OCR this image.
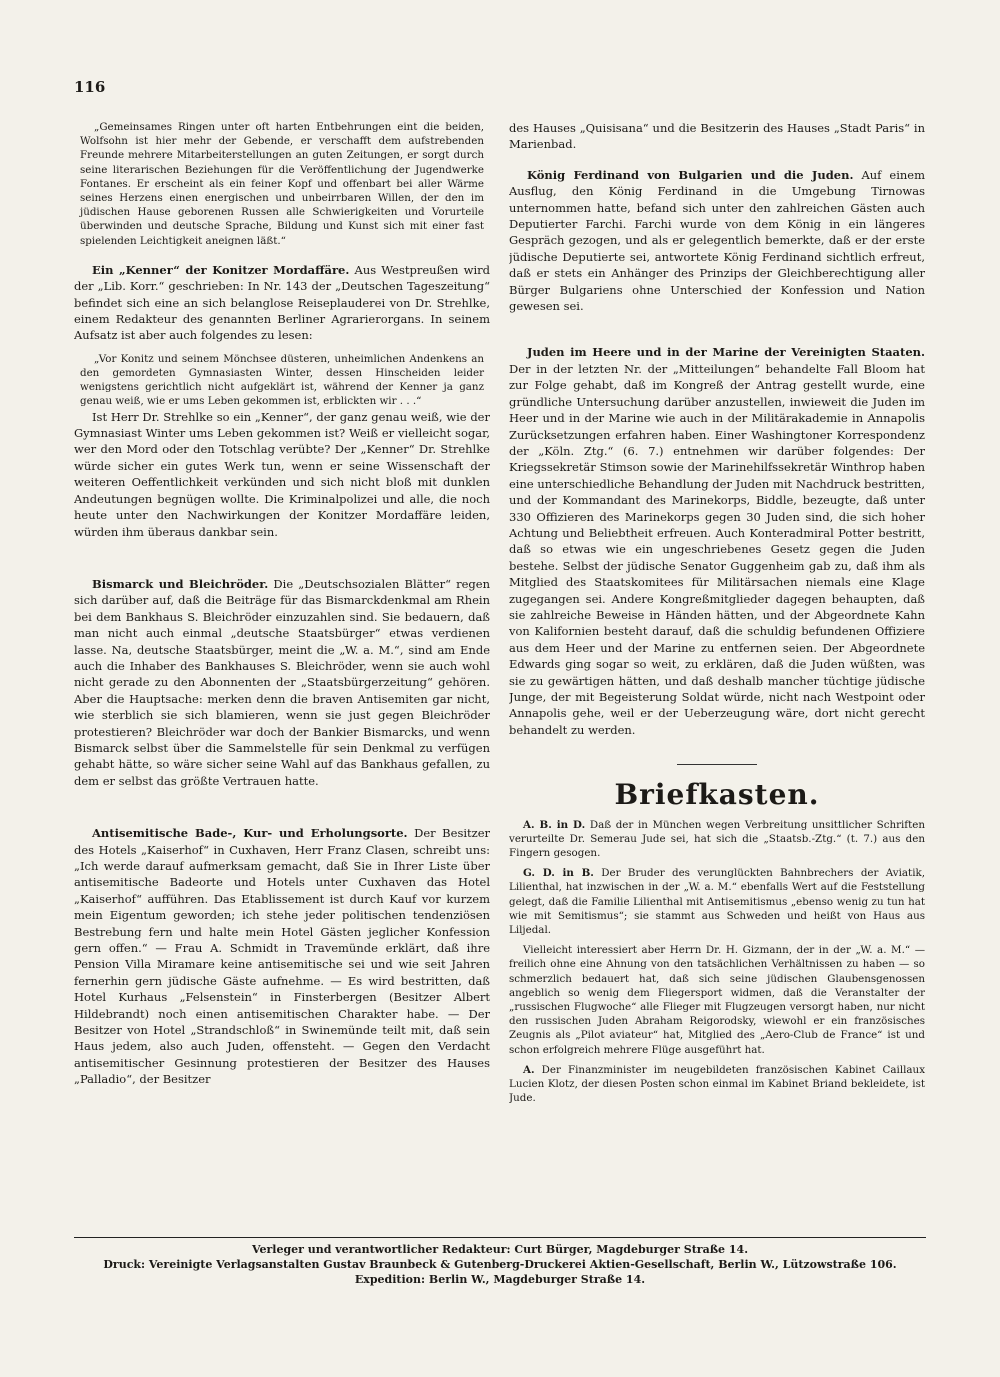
116

„Gemeinsames Ringen unter oft harten Entbehrungen eint die beiden, Wolfsohn ist hier mehr der Gebende, er verschafft dem aufstrebenden Freunde mehrere Mitarbeiterstellungen an guten Zeitungen, er sorgt durch seine literarischen Beziehungen für die Veröffentlichung der Jugendwerke Fontanes. Er erscheint als ein feiner Kopf und offenbart bei aller Wärme seines Herzens einen energischen und unbeirrbaren Willen, der den im jüdischen Hause geborenen Russen alle Schwierigkeiten und Vorurteile überwinden und deutsche Sprache, Bildung und Kunst sich mit einer fast spielenden Leichtigkeit aneignen läßt.“

Ein „Kenner“ der Konitzer Mordaffäre. Aus Westpreußen wird der „Lib. Korr.“ geschrieben: In Nr. 143 der „Deutschen Tageszeitung“ befindet sich eine an sich belanglose Reiseplauderei von Dr. Strehlke, einem Redakteur des genannten Berliner Agrarierorgans. In seinem Aufsatz ist aber auch folgendes zu lesen:

„Vor Konitz und seinem Mönchsee düsteren, unheimlichen Andenkens an den gemordeten Gymnasiasten Winter, dessen Hinscheiden leider wenigstens gerichtlich nicht aufgeklärt ist, während der Kenner ja ganz genau weiß, wie er ums Leben gekommen ist, erblickten wir . . .“

Ist Herr Dr. Strehlke so ein „Kenner“, der ganz genau weiß, wie der Gymnasiast Winter ums Leben gekommen ist? Weiß er vielleicht sogar, wer den Mord oder den Totschlag verübte? Der „Kenner“ Dr. Strehlke würde sicher ein gutes Werk tun, wenn er seine Wissenschaft der weiteren Oeffentlichkeit verkünden und sich nicht bloß mit dunklen Andeutungen begnügen wollte. Die Kriminalpolizei und alle, die noch heute unter den Nachwirkungen der Konitzer Mordaffäre leiden, würden ihm überaus dankbar sein.

Bismarck und Bleichröder. Die „Deutschsozialen Blätter“ regen sich darüber auf, daß die Beiträge für das Bismarckdenkmal am Rhein bei dem Bankhaus S. Bleichröder einzuzahlen sind. Sie bedauern, daß man nicht auch einmal „deutsche Staatsbürger“ etwas verdienen lasse. Na, deutsche Staatsbürger, meint die „W. a. M.“, sind am Ende auch die Inhaber des Bankhauses S. Bleichröder, wenn sie auch wohl nicht gerade zu den Abonnenten der „Staatsbürgerzeitung“ gehören. Aber die Hauptsache: merken denn die braven Antisemiten gar nicht, wie sterblich sie sich blamieren, wenn sie just gegen Bleichröder protestieren? Bleichröder war doch der Bankier Bismarcks, und wenn Bismarck selbst über die Sammelstelle für sein Denkmal zu verfügen gehabt hätte, so wäre sicher seine Wahl auf das Bankhaus gefallen, zu dem er selbst das größte Vertrauen hatte.

Antisemitische Bade-, Kur- und Erholungsorte. Der Besitzer des Hotels „Kaiserhof“ in Cuxhaven, Herr Franz Clasen, schreibt uns: „Ich werde darauf aufmerksam gemacht, daß Sie in Ihrer Liste über antisemitische Badeorte und Hotels unter Cuxhaven das Hotel „Kaiserhof“ aufführen. Das Etablissement ist durch Kauf vor kurzem mein Eigentum geworden; ich stehe jeder politischen tendenziösen Bestrebung fern und halte mein Hotel Gästen jeglicher Konfession gern offen.“ — Frau A. Schmidt in Travemünde erklärt, daß ihre Pension Villa Miramare keine antisemitische sei und wie seit Jahren fernerhin gern jüdische Gäste aufnehme. — Es wird bestritten, daß Hotel Kurhaus „Felsenstein“ in Finsterbergen (Besitzer Albert Hildebrandt) noch einen antisemitischen Charakter habe. — Der Besitzer von Hotel „Strandschloß“ in Swinemünde teilt mit, daß sein Haus jedem, also auch Juden, offensteht. — Gegen den Verdacht antisemitischer Gesinnung protestieren der Besitzer des Hauses „Palladio“, der Besitzer

des Hauses „Quisisana“ und die Besitzerin des Hauses „Stadt Paris“ in Marienbad.

König Ferdinand von Bulgarien und die Juden. Auf einem Ausflug, den König Ferdinand in die Umgebung Tirnowas unternommen hatte, befand sich unter den zahlreichen Gästen auch Deputierter Farchi. Farchi wurde von dem König in ein längeres Gespräch gezogen, und als er gelegentlich bemerkte, daß er der erste jüdische Deputierte sei, antwortete König Ferdinand sichtlich erfreut, daß er stets ein Anhänger des Prinzips der Gleichberechtigung aller Bürger Bulgariens ohne Unterschied der Konfession und Nation gewesen sei.

Juden im Heere und in der Marine der Vereinigten Staaten. Der in der letzten Nr. der „Mitteilungen“ behandelte Fall Bloom hat zur Folge gehabt, daß im Kongreß der Antrag gestellt wurde, eine gründliche Untersuchung darüber anzustellen, inwieweit die Juden im Heer und in der Marine wie auch in der Militärakademie in Annapolis Zurücksetzungen erfahren haben. Einer Washingtoner Korrespondenz der „Köln. Ztg.“ (6. 7.) entnehmen wir darüber folgendes: Der Kriegssekretär Stimson sowie der Marinehilfssekretär Winthrop haben eine unterschiedliche Behandlung der Juden mit Nachdruck bestritten, und der Kommandant des Marinekorps, Biddle, bezeugte, daß unter 330 Offizieren des Marinekorps gegen 30 Juden sind, die sich hoher Achtung und Beliebtheit erfreuen. Auch Konteradmiral Potter bestritt, daß so etwas wie ein ungeschriebenes Gesetz gegen die Juden bestehe. Selbst der jüdische Senator Guggenheim gab zu, daß ihm als Mitglied des Staatskomitees für Militärsachen niemals eine Klage zugegangen sei. Andere Kongreßmitglieder dagegen behaupten, daß sie zahlreiche Beweise in Händen hätten, und der Abgeordnete Kahn von Kalifornien besteht darauf, daß die schuldig befundenen Offiziere aus dem Heer und der Marine zu entfernen seien. Der Abgeordnete Edwards ging sogar so weit, zu erklären, daß die Juden wüßten, was sie zu gewärtigen hätten, und daß deshalb mancher tüchtige jüdische Junge, der mit Begeisterung Soldat würde, nicht nach Westpoint oder Annapolis gehe, weil er der Ueberzeugung wäre, dort nicht gerecht behandelt zu werden.

Briefkasten.

A. B. in D. Daß der in München wegen Verbreitung unsittlicher Schriften verurteilte Dr. Semerau Jude sei, hat sich die „Staatsb.-Ztg.“ (t. 7.) aus den Fingern gesogen.

G. D. in B. Der Bruder des verunglückten Bahnbrechers der Aviatik, Lilienthal, hat inzwischen in der „W. a. M.“ ebenfalls Wert auf die Feststellung gelegt, daß die Familie Lilienthal mit Antisemitismus „ebenso wenig zu tun hat wie mit Semitismus“; sie stammt aus Schweden und heißt von Haus aus Liljedal.

Vielleicht interessiert aber Herrn Dr. H. Gizmann, der in der „W. a. M.“ — freilich ohne eine Ahnung von den tatsächlichen Verhältnissen zu haben — so schmerzlich bedauert hat, daß sich seine jüdischen Glaubensgenossen angeblich so wenig dem Fliegersport widmen, daß die Veranstalter der „russischen Flugwoche“ alle Flieger mit Flugzeugen versorgt haben, nur nicht den russischen Juden Abraham Reigorodsky, wiewohl er ein französisches Zeugnis als „Pilot aviateur“ hat, Mitglied des „Aero-Club de France“ ist und schon erfolgreich mehrere Flüge ausgeführt hat.

A. Der Finanzminister im neugebildeten französischen Kabinet Caillaux Lucien Klotz, der diesen Posten schon einmal im Kabinet Briand bekleidete, ist Jude.

Verleger und verantwortlicher Redakteur: Curt Bürger, Magdeburger Straße 14.
Druck: Vereinigte Verlagsanstalten Gustav Braunbeck & Gutenberg-Druckerei Aktien-Gesellschaft, Berlin W., Lützowstraße 106.
Expedition: Berlin W., Magdeburger Straße 14.
